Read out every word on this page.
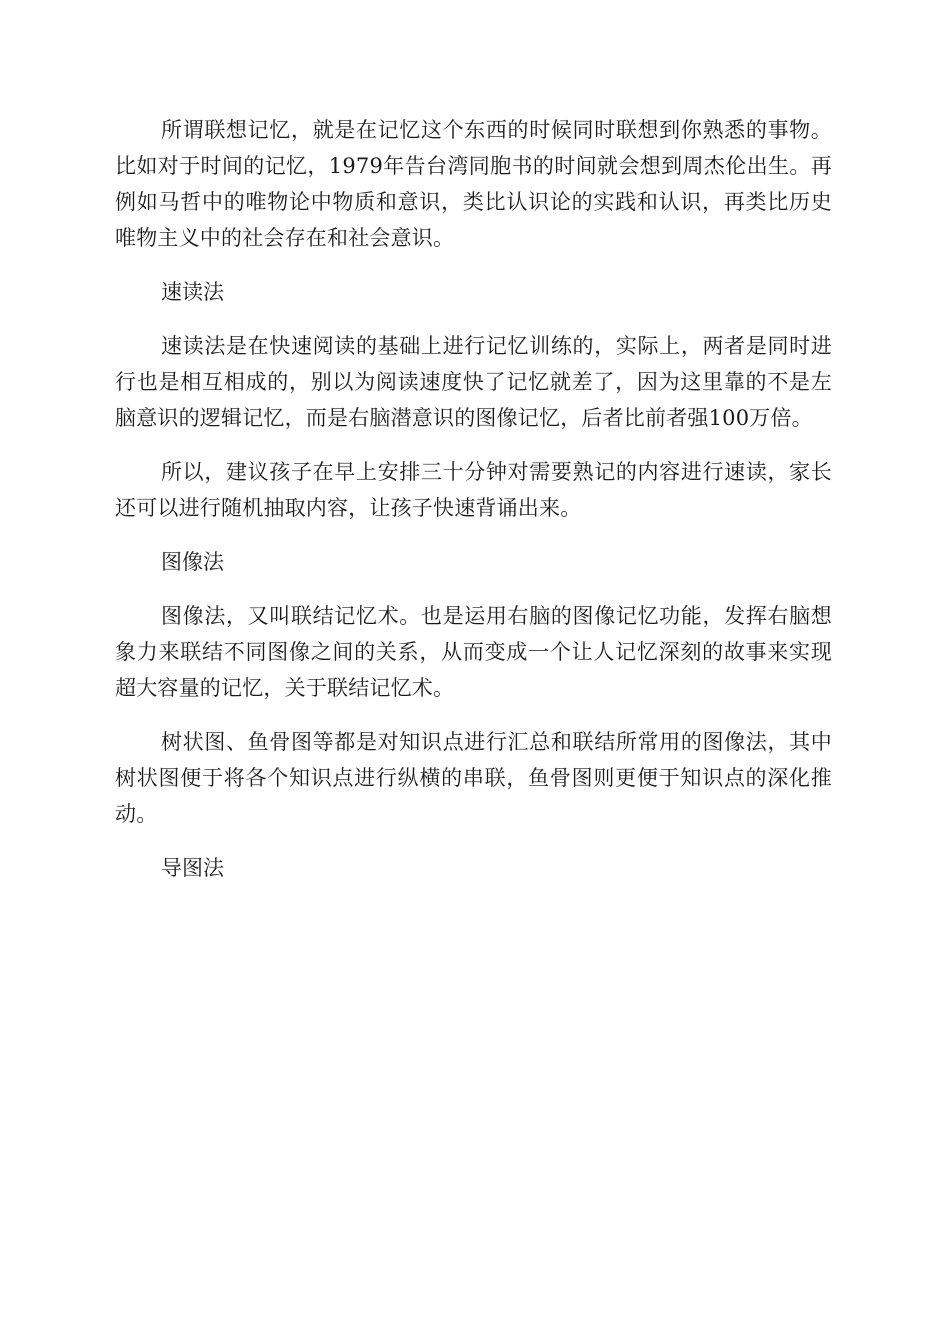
所谓联想记忆，就是在记忆这个东西的时候同时联想到你熟悉的事物。比如对于时间的记忆，1979年告台湾同胞书的时间就会想到周杰伦出生。再例如马哲中的唯物论中物质和意识，类比认识论的实践和认识，再类比历史唯物主义中的社会存在和社会意识。

速读法

速读法是在快速阅读的基础上进行记忆训练的，实际上，两者是同时进行也是相互相成的，别以为阅读速度快了记忆就差了，因为这里靠的不是左脑意识的逻辑记忆，而是右脑潜意识的图像记忆，后者比前者强100万倍。

所以，建议孩子在早上安排三十分钟对需要熟记的内容进行速读，家长还可以进行随机抽取内容，让孩子快速背诵出来。

图像法

图像法，又叫联结记忆术。也是运用右脑的图像记忆功能，发挥右脑想象力来联结不同图像之间的关系，从而变成一个让人记忆深刻的故事来实现超大容量的记忆，关于联结记忆术。

树状图、鱼骨图等都是对知识点进行汇总和联结所常用的图像法，其中树状图便于将各个知识点进行纵横的串联，鱼骨图则更便于知识点的深化推动。

导图法
